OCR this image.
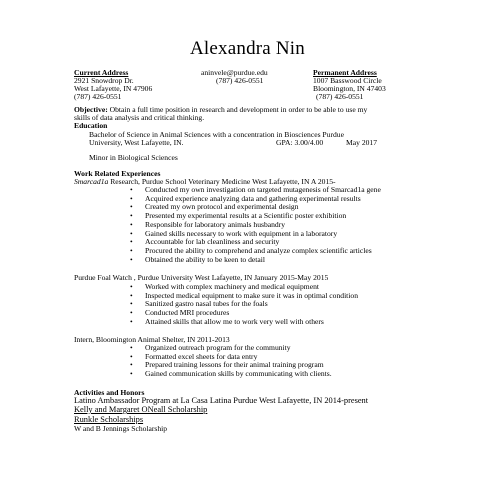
Alexandra Nin
Current Address
2921 Snowdrop Dr.
West Lafayette, IN 47906
(787) 426-0551
aninvele@purdue.edu
(787) 426-0551
Permanent Address
1007 Basswood Circle
Bloomington, IN 47403
(787) 426-0551
Objective: Obtain a full time position in research and development in order to be able to use my
skills of data analysis and critical thinking.
Education
Bachelor of Science in Animal Sciences with a concentration in Biosciences Purdue
University, West Lafayette, IN.	GPA: 3.00/4.00	May 2017
Minor in Biological Sciences
Work Related Experiences
Smarcad1a Research, Purdue School Veterinary Medicine West Lafayette, IN A 2015-
• Conducted my own investigation on targeted mutagenesis of Smarcad1a gene
• Acquired experience analyzing data and gathering experimental results
• Created my own protocol and experimental design
• Presented my experimental results at a Scientific poster exhibition
• Responsible for laboratory animals husbandry
• Gained skills necessary to work with equipment in a laboratory
• Accountable for lab cleanliness and security
• Procured the ability to comprehend and analyze complex scientific articles
• Obtained the ability to be keen to detail
Purdue Foal Watch , Purdue University West Lafayette, IN January 2015-May 2015
• Worked with complex machinery and medical equipment
• Inspected medical equipment to make sure it was in optimal condition
• Sanitized gastro nasal tubes for the foals
• Conducted MRI procedures
• Attained skills that allow me to work very well with others
Intern, Bloomington Animal Shelter, IN 2011-2013
• Organized outreach program for the community
• Formatted excel sheets for data entry
• Prepared training lessons for their animal training program
• Gained communication skills by communicating with clients.
Activities and Honors
Latino Ambassador Program at La Casa Latina Purdue West Lafayette, IN 2014-present
Kelly and Margaret ONeall Scholarship
Runkle Scholarships
W and B Jennings Scholarship
